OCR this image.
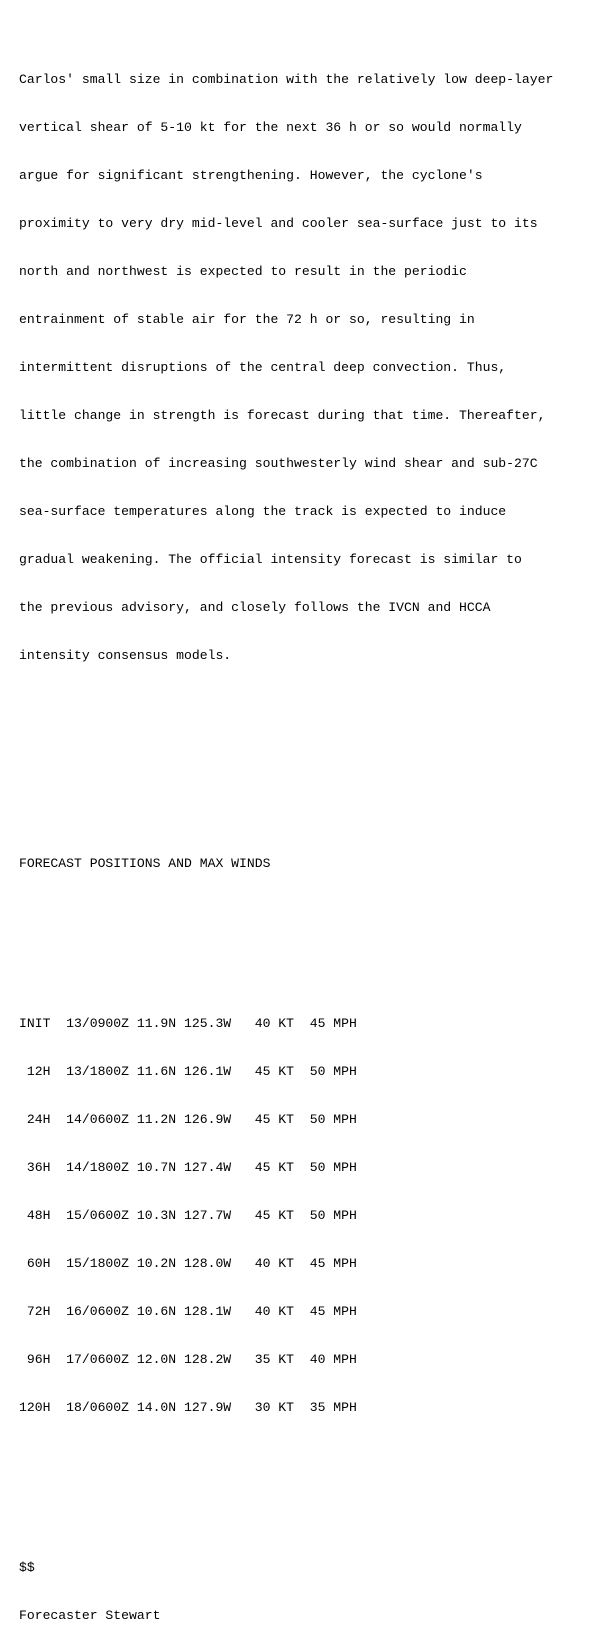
Carlos' small size in combination with the relatively low deep-layer

vertical shear of 5-10 kt for the next 36 h or so would normally

argue for significant strengthening. However, the cyclone's

proximity to very dry mid-level and cooler sea-surface just to its

north and northwest is expected to result in the periodic

entrainment of stable air for the 72 h or so, resulting in

intermittent disruptions of the central deep convection. Thus,

little change in strength is forecast during that time. Thereafter,

the combination of increasing southwesterly wind shear and sub-27C

sea-surface temperatures along the track is expected to induce

gradual weakening. The official intensity forecast is similar to

the previous advisory, and closely follows the IVCN and HCCA

intensity consensus models.

FORECAST POSITIONS AND MAX WINDS

INIT  13/0900Z 11.9N 125.3W   40 KT  45 MPH

12H  13/1800Z 11.6N 126.1W   45 KT  50 MPH

24H  14/0600Z 11.2N 126.9W   45 KT  50 MPH

36H  14/1800Z 10.7N 127.4W   45 KT  50 MPH

48H  15/0600Z 10.3N 127.7W   45 KT  50 MPH

60H  15/1800Z 10.2N 128.0W   40 KT  45 MPH

72H  16/0600Z 10.6N 128.1W   40 KT  45 MPH

96H  17/0600Z 12.0N 128.2W   35 KT  40 MPH

120H  18/0600Z 14.0N 127.9W   30 KT  35 MPH

$$

Forecaster Stewart
